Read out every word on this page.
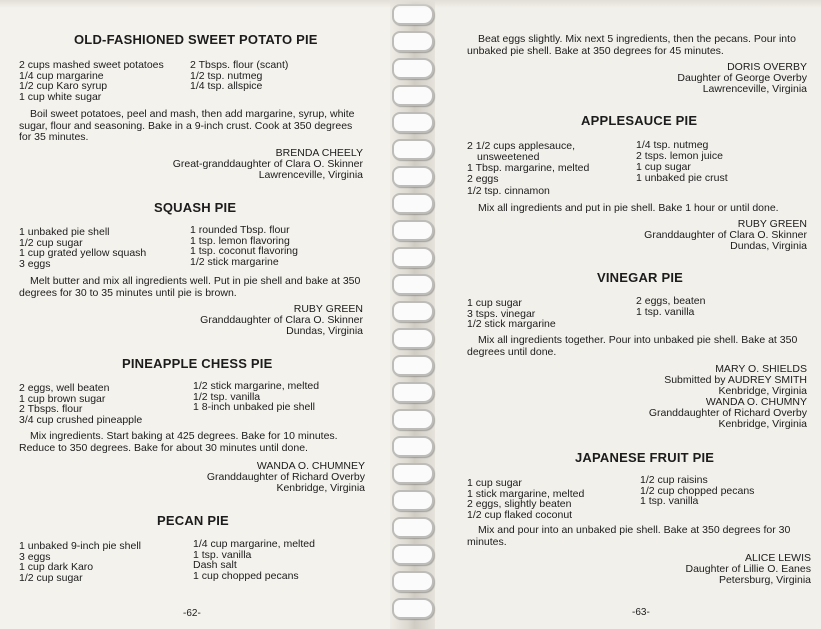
OLD-FASHIONED SWEET POTATO PIE
2 cups mashed sweet potatoes
1/4 cup margarine
1/2 cup Karo syrup
1 cup white sugar
2 Tbsps. flour (scant)
1/2 tsp. nutmeg
1/4 tsp. allspice
Boil sweet potatoes, peel and mash, then add margarine, syrup, white sugar, flour and seasoning. Bake in a 9-inch crust. Cook at 350 degrees for 35 minutes.
BRENDA CHEELY
Great-granddaughter of Clara O. Skinner
Lawrenceville, Virginia
SQUASH PIE
1 unbaked pie shell
1/2 cup sugar
1 cup grated yellow squash
3 eggs
1 rounded Tbsp. flour
1 tsp. lemon flavoring
1 tsp. coconut flavoring
1/2 stick margarine
Melt butter and mix all ingredients well. Put in pie shell and bake at 350 degrees for 30 to 35 minutes until pie is brown.
RUBY GREEN
Granddaughter of Clara O. Skinner
Dundas, Virginia
PINEAPPLE CHESS PIE
2 eggs, well beaten
1 cup brown sugar
2 Tbsps. flour
3/4 cup crushed pineapple
1/2 stick margarine, melted
1/2 tsp. vanilla
1 8-inch unbaked pie shell
Mix ingredients. Start baking at 425 degrees. Bake for 10 minutes. Reduce to 350 degrees. Bake for about 30 minutes until done.
WANDA O. CHUMNEY
Granddaughter of Richard Overby
Kenbridge, Virginia
PECAN PIE
1 unbaked 9-inch pie shell
3 eggs
1 cup dark Karo
1/2 cup sugar
1/4 cup margarine, melted
1 tsp. vanilla
Dash salt
1 cup chopped pecans
-62-
Beat eggs slightly. Mix next 5 ingredients, then the pecans. Pour into unbaked pie shell. Bake at 350 degrees for 45 minutes.
DORIS OVERBY
Daughter of George Overby
Lawrenceville, Virginia
APPLESAUCE PIE
2 1/2 cups applesauce,
unsweetened
1 Tbsp. margarine, melted
2 eggs
1/2 tsp. cinnamon
1/4 tsp. nutmeg
2 tsps. lemon juice
1 cup sugar
1 unbaked pie crust
Mix all ingredients and put in pie shell. Bake 1 hour or until done.
RUBY GREEN
Granddaughter of Clara O. Skinner
Dundas, Virginia
VINEGAR PIE
1 cup sugar
3 tsps. vinegar
1/2 stick margarine
2 eggs, beaten
1 tsp. vanilla
Mix all ingredients together. Pour into unbaked pie shell. Bake at 350 degrees until done.
MARY O. SHIELDS
Submitted by AUDREY SMITH
Kenbridge, Virginia
WANDA O. CHUMNY
Granddaughter of Richard Overby
Kenbridge, Virginia
JAPANESE FRUIT PIE
1 cup sugar
1 stick margarine, melted
2 eggs, slightly beaten
1/2 cup flaked coconut
1/2 cup raisins
1/2 cup chopped pecans
1 tsp. vanilla
Mix and pour into an unbaked pie shell. Bake at 350 degrees for 30 minutes.
ALICE LEWIS
Daughter of Lillie O. Eanes
Petersburg, Virginia
-63-
